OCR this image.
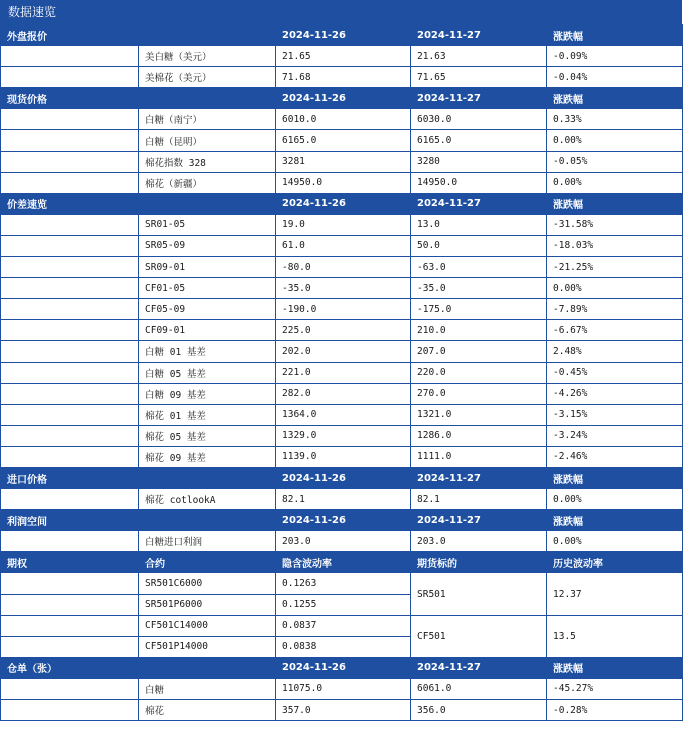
数据速览
外盘报价		2024-11-26	2024-11-27	涨跌幅
	美白糖（美元）	21.65	21.63	-0.09%
	美棉花（美元）	71.68	71.65	-0.04%
现货价格		2024-11-26	2024-11-27	涨跌幅
	白糖（南宁）	6010.0	6030.0	0.33%
	白糖（昆明）	6165.0	6165.0	0.00%
	棉花指数 328	3281	3280	-0.05%
	棉花（新疆）	14950.0	14950.0	0.00%
价差速览		2024-11-26	2024-11-27	涨跌幅
	SR01-05	19.0	13.0	-31.58%
	SR05-09	61.0	50.0	-18.03%
	SR09-01	-80.0	-63.0	-21.25%
	CF01-05	-35.0	-35.0	0.00%
	CF05-09	-190.0	-175.0	-7.89%
	CF09-01	225.0	210.0	-6.67%
	白糖 01 基差	202.0	207.0	2.48%
	白糖 05 基差	221.0	220.0	-0.45%
	白糖 09 基差	282.0	270.0	-4.26%
	棉花 01 基差	1364.0	1321.0	-3.15%
	棉花 05 基差	1329.0	1286.0	-3.24%
	棉花 09 基差	1139.0	1111.0	-2.46%
进口价格		2024-11-26	2024-11-27	涨跌幅
	棉花 cotlookA	82.1	82.1	0.00%
利润空间		2024-11-26	2024-11-27	涨跌幅
	白糖进口利润	203.0	203.0	0.00%
期权	合约	隐含波动率	期货标的	历史波动率
	SR501C6000	0.1263	SR501	12.37
	SR501P6000	0.1255		
	CF501C14000	0.0837	CF501	13.5
	CF501P14000	0.0838		
仓单（张）		2024-11-26	2024-11-27	涨跌幅
	白糖	11075.0	6061.0	-45.27%
	棉花	357.0	356.0	-0.28%
